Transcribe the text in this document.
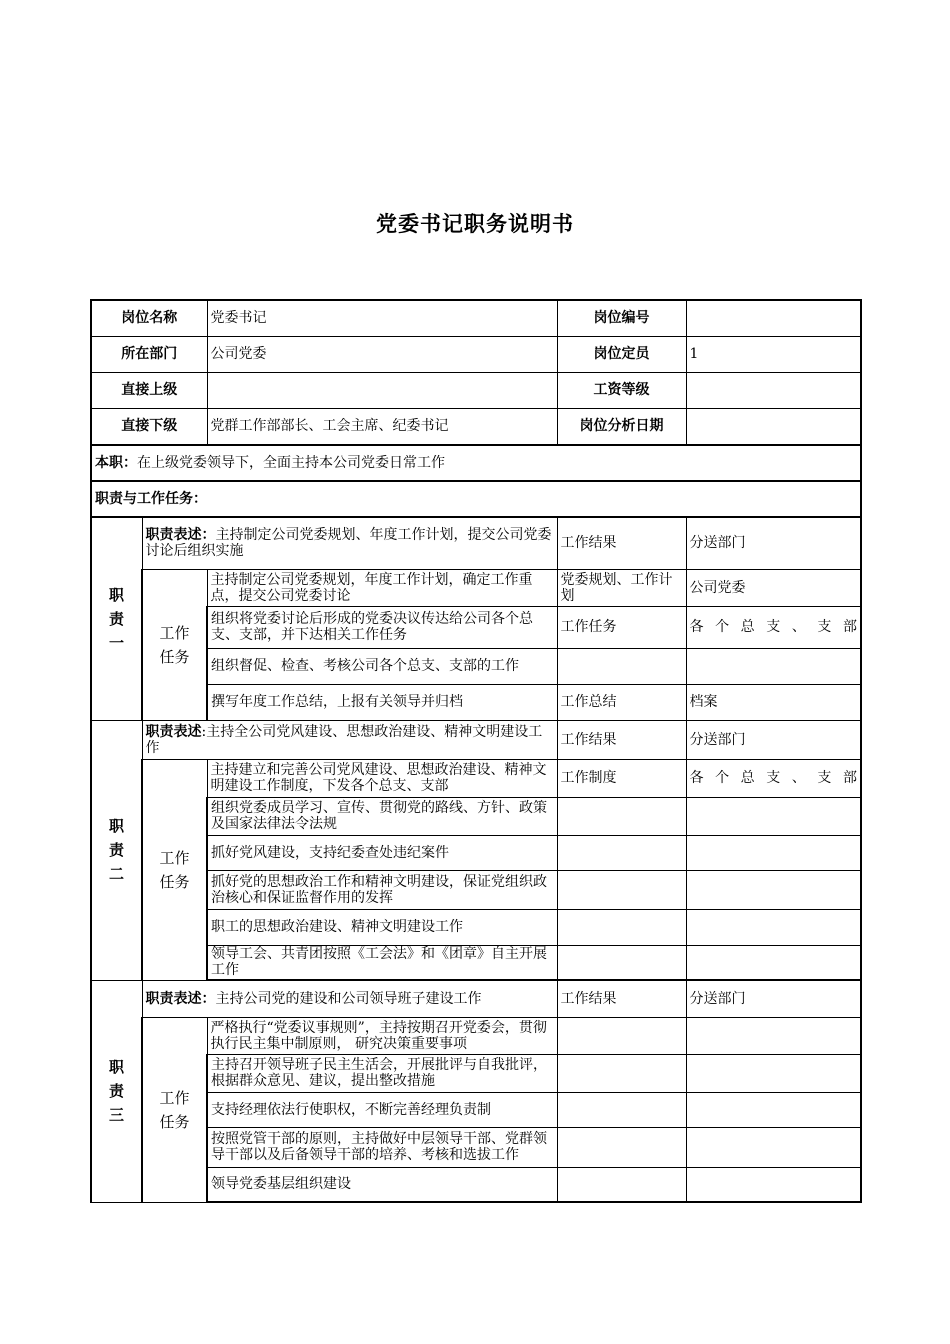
党委书记职务说明书
岗位名称		党委书记	岗位编号	
所在部门		公司党委	岗位定员	1
直接上级			工资等级	
直接下级		党群工作部部长、工会主席、纪委书记	岗位分析日期	
本职：在上级党委领导下，全面主持本公司党委日常工作				
职责与工作任务：				
职
责
一	职责表述：主持制定公司党委规划、年度工作计划，提交公司党委讨论后组织实施		工作结果	分送部门
	工作
任务	主持制定公司党委规划，年度工作计划，确定工作重点，提交公司党委讨论	党委规划、工作计划	公司党委
		组织将党委讨论后形成的党委决议传达给公司各个总支、支部，并下达相关工作任务	工作任务	各个总支、支部
		组织督促、检查、考核公司各个总支、支部的工作		
		撰写年度工作总结，上报有关领导并归档	工作总结	档案
职
责
二	职责表述:主持全公司党风建设、思想政治建设、精神文明建设工作		工作结果	分送部门
	工作
任务	主持建立和完善公司党风建设、思想政治建设、精神文明建设工作制度，下发各个总支、支部	工作制度	各个总支、支部
		组织党委成员学习、宣传、贯彻党的路线、方针、政策及国家法律法令法规		
		抓好党风建设，支持纪委查处违纪案件		
		抓好党的思想政治工作和精神文明建设，保证党组织政治核心和保证监督作用的发挥		
		职工的思想政治建设、精神文明建设工作		
		领导工会、共青团按照《工会法》和《团章》自主开展工作		
职
责
三	职责表述：主持公司党的建设和公司领导班子建设工作		工作结果	分送部门
	工作
任务	严格执行“党委议事规则”，主持按期召开党委会，贯彻执行民主集中制原则， 研究决策重要事项		
		主持召开领导班子民主生活会，开展批评与自我批评，根据群众意见、建议，提出整改措施		
		支持经理依法行使职权，不断完善经理负责制		
		按照党管干部的原则，主持做好中层领导干部、党群领导干部以及后备领导干部的培养、考核和选拔工作		
		领导党委基层组织建设		
